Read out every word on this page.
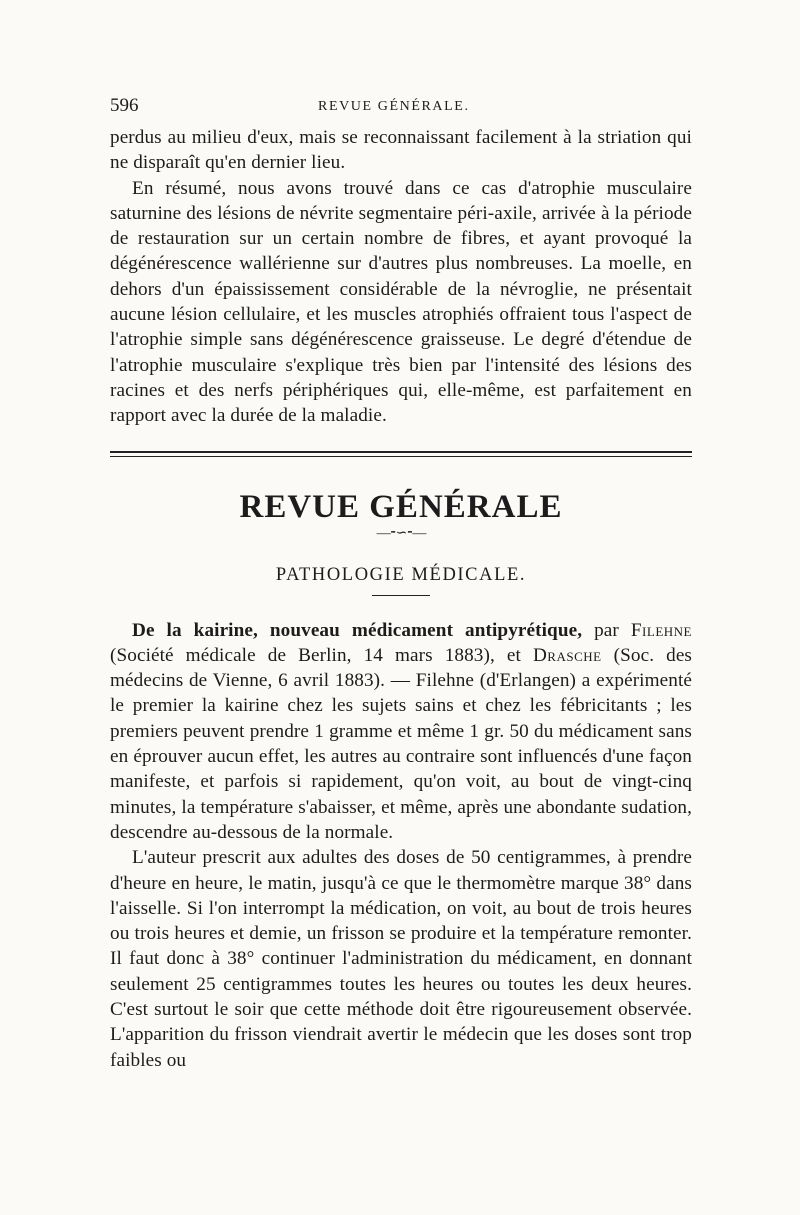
596	REVUE GÉNÉRALE.

perdus au milieu d'eux, mais se reconnaissant facilement à la striation qui ne disparaît qu'en dernier lieu.

En résumé, nous avons trouvé dans ce cas d'atrophie musculaire saturnine des lésions de névrite segmentaire péri-axile, arrivée à la période de restauration sur un certain nombre de fibres, et ayant provoqué la dégénérescence wallérienne sur d'autres plus nombreuses. La moelle, en dehors d'un épaississement considérable de la névroglie, ne présentait aucune lésion cellulaire, et les muscles atrophiés offraient tous l'aspect de l'atrophie simple sans dégénérescence graisseuse. Le degré d'étendue de l'atrophie musculaire s'explique très bien par l'intensité des lésions des racines et des nerfs périphériques qui, elle-même, est parfaitement en rapport avec la durée de la maladie.

REVUE GÉNÉRALE
—⁃∽⁃—
PATHOLOGIE MÉDICALE.

De la kairine, nouveau médicament antipyrétique, par Filehne (Société médicale de Berlin, 14 mars 1883), et Drasche (Soc. des médecins de Vienne, 6 avril 1883). — Filehne (d'Erlangen) a expérimenté le premier la kairine chez les sujets sains et chez les fébricitants ; les premiers peuvent prendre 1 gramme et même 1 gr. 50 du médicament sans en éprouver aucun effet, les autres au contraire sont influencés d'une façon manifeste, et parfois si rapidement, qu'on voit, au bout de vingt-cinq minutes, la température s'abaisser, et même, après une abondante sudation, descendre au-dessous de la normale.

L'auteur prescrit aux adultes des doses de 50 centigrammes, à prendre d'heure en heure, le matin, jusqu'à ce que le thermomètre marque 38° dans l'aisselle. Si l'on interrompt la médication, on voit, au bout de trois heures ou trois heures et demie, un frisson se produire et la température remonter. Il faut donc à 38° continuer l'administration du médicament, en donnant seulement 25 centigrammes toutes les heures ou toutes les deux heures. C'est surtout le soir que cette méthode doit être rigoureusement observée. L'apparition du frisson viendrait avertir le médecin que les doses sont trop faibles ou
